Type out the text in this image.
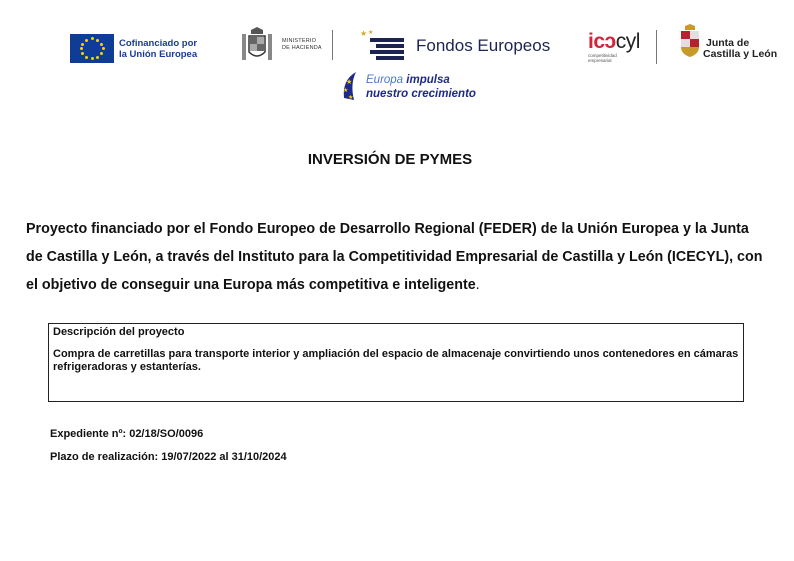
Cofinanciado por la Unión Europea
MINISTERIO
DE HACIENDA
★ ★
Fondos Europeos icɔcyl
competitividad empresarial
Junta de
Castilla y León
★
★
★
Europa impulsa
nuestro crecimiento
INVERSIÓN DE PYMES

Proyecto financiado por el Fondo Europeo de Desarrollo Regional (FEDER) de la Unión Europea y la Junta de Castilla y León, a través del Instituto para la Competitividad Empresarial de Castilla y León (ICECYL), con el objetivo de conseguir una Europa más competitiva e inteligente.

Descripción del proyecto
Compra de carretillas para transporte interior y ampliación del espacio de almacenaje convirtiendo unos contenedores en cámaras refrigeradoras y estanterías.
Expediente nº: 02/18/SO/0096
Plazo de realización: 19/07/2022 al 31/10/2024
